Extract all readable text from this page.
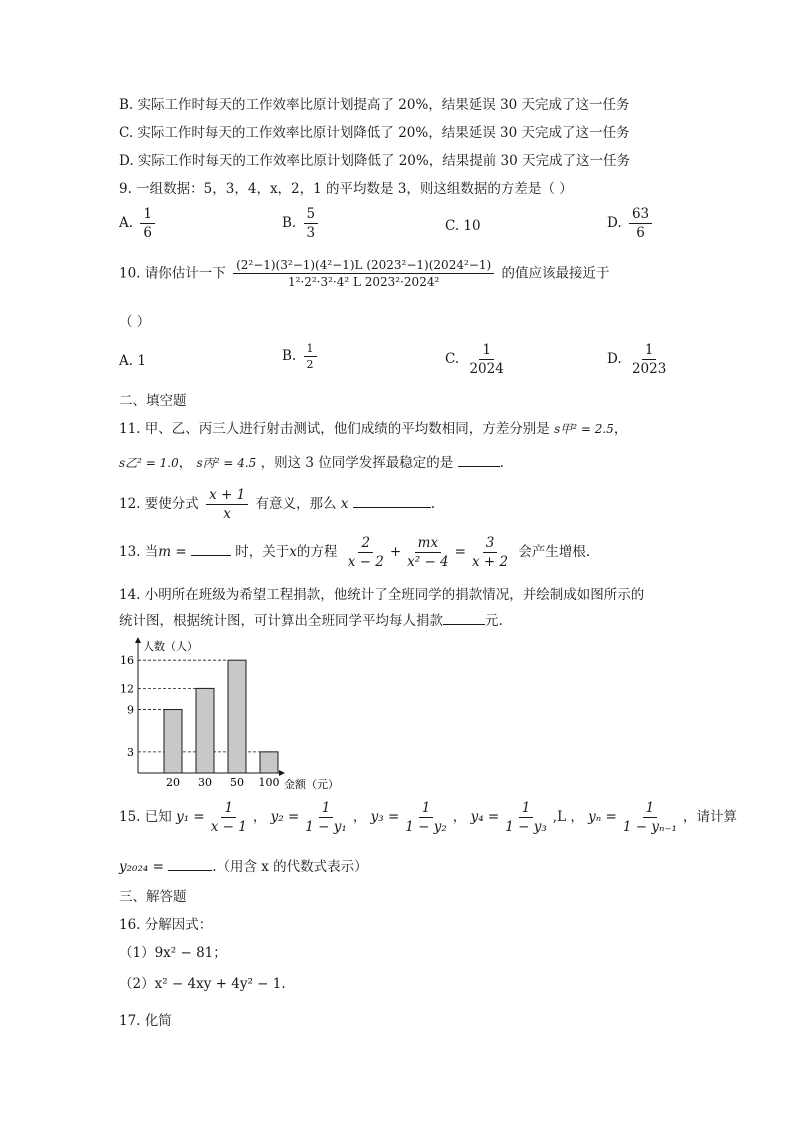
B. 实际工作时每天的工作效率比原计划提高了 20%，结果延误 30 天完成了这一任务
C. 实际工作时每天的工作效率比原计划降低了 20%，结果延误 30 天完成了这一任务
D. 实际工作时每天的工作效率比原计划降低了 20%，结果提前 30 天完成了这一任务
9. 一组数据：5，3，4，x，2，1 的平均数是 3，则这组数据的方差是（ ）
A. $\frac{1}{6}$	B. $\frac{5}{3}$	C. 10	D. $\frac{63}{6}$
10. 请你估计一下 $\frac{\text{(2²−1)(3²−1)(4²−1)L (2023²−1)(2024²−1)}}{\text{1²·2²·3²·4² L 2023²·2024²}}$ 的值应该最接近于
（ ）
A. 1	B. $\frac{1}{2}$	C. $\frac{1}{2024}$	D. $\frac{1}{2023}$
二、填空题
11. 甲、乙、丙三人进行射击测试，他们成绩的平均数相同，方差分别是 s甲² = 2.5，
s乙² = 1.0， s丙² = 4.5 ，则这 3 位同学发挥最稳定的是	.
12. 要使分式 $\frac{x + 1}{x}$ 有意义，那么 x	.
13. 当m =	时，关于x的方程 $\frac{2}{x - 2} + \frac{mx}{\text{x² − 4}} = \frac{3}{x + 2}$ 会产生增根.
14. 小明所在班级为希望工程捐款，他统计了全班同学的捐款情况，并绘制成如图所示的
统计图，根据统计图，可计算出全班同学平均每人捐款	元.
人数（人）
金额（元）
3
9
12
16
20 30 50 100
15. 已知 $y_1 = \frac{1}{x - 1}$ ， $y_2 = \frac{1}{\text{1 − y₁}}$ ， $y_3 = \frac{1}{\text{1 − y₂}}$ ， $y_4 = \frac{1}{\text{1 − y₃}} ,L$ ， $y_n = \frac{1}{\text{1 − yₙ₋₁}}$ ，请计算
y₂₀₂₄ =	.（用含 x 的代数式表示）
三、解答题
16. 分解因式：
（1）9x² − 81；
（2）x² − 4xy + 4y² − 1.
17. 化简
